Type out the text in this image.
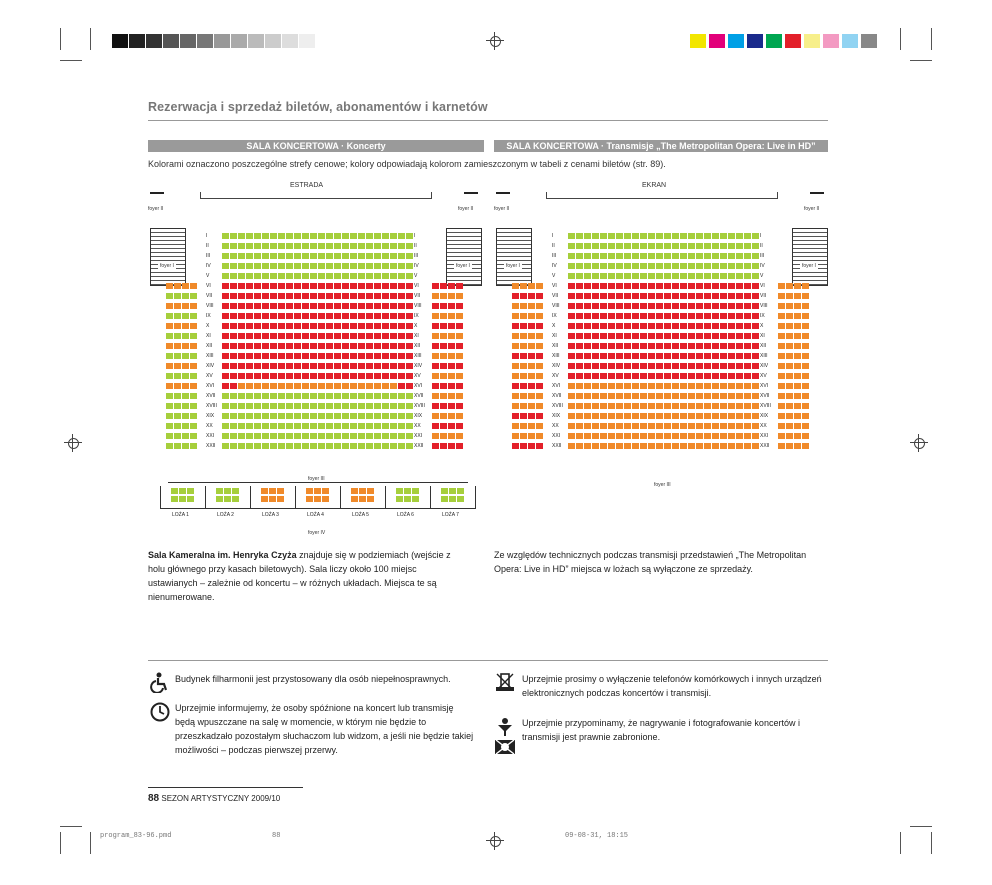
program_83-96.pmd	88	09-08-31, 18:15
Rezerwacja i sprzedaż biletów, abonamentów i karnetów
SALA KONCERTOWA · Koncerty	SALA KONCERTOWA · Transmisje „The Metropolitan Opera: Live in HD”
Kolorami oznaczono poszczególne strefy cenowe; kolory odpowiadają kolorom zamieszczonym w tabeli z cenami biletów (str. 89).
ESTRADA
foyer II	foyer II
foyer I	foyer I
I	I
II	II
III	III
IV	IV
V	V
VI	VI
VII	VII
VIII	VIII
IX	IX
X	X
XI	XI
XII	XII
XIII	XIII
XIV	XIV
XV	XV
XVI	XVI
XVII	XVII
XVIII	XVIII
XIX	XIX
XX	XX
XXI	XXI
XXII	XXII
foyer III
LOŻA 1	LOŻA 2	LOŻA 3	LOŻA 4	LOŻA 5	LOŻA 6	LOŻA 7
foyer IV
EKRAN
foyer II	foyer II
foyer I	foyer I
I	I
II	II
III	III
IV	IV
V	V
VI	VI
VII	VII
VIII	VIII
IX	IX
X	X
XI	XI
XII	XII
XIII	XIII
XIV	XIV
XV	XV
XVI	XVI
XVII	XVII
XVIII	XVIII
XIX	XIX
XX	XX
XXI	XXI
XXII	XXII
foyer III
Sala Kameralna im. Henryka Czyża znajduje się w podziemiach (wejście z holu głównego przy kasach biletowych). Sala liczy około 100 miejsc ustawianych – zależnie od koncertu – w różnych układach. Miejsca te są nienumerowane.
Ze względów technicznych podczas transmisji przedstawień „The Metropolitan Opera: Live in HD” miejsca w lożach są wyłączone ze sprzedaży.
Budynek filharmonii jest przystosowany dla osób niepełnosprawnych.
Uprzejmie informujemy, że osoby spóźnione na koncert lub transmisję będą wpuszczane na salę w momencie, w którym nie będzie to przeszkadzało pozostałym słuchaczom lub widzom, a jeśli nie będzie takiej możliwości – podczas pierwszej przerwy.
Uprzejmie prosimy o wyłączenie telefonów komórkowych i innych urządzeń elektronicznych podczas koncertów i transmisji.
Uprzejmie przypominamy, że nagrywanie i fotografowanie koncertów i transmisji jest prawnie zabronione.
88 SEZON ARTYSTYCZNY 2009/10
